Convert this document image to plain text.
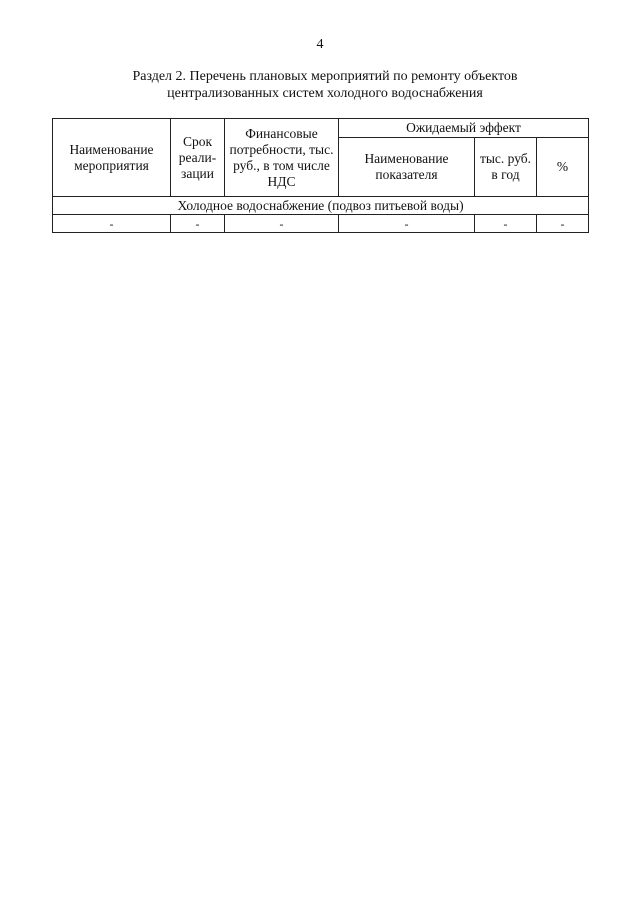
4
Раздел 2. Перечень плановых мероприятий по ремонту объектов
централизованных систем холодного водоснабжения
Наименование мероприятия	Срок реали-зации	Финансовые потребности, тыс. руб., в том числе НДС	Ожидаемый эффект		
			Наименование показателя	тыс. руб. в год	%
Холодное водоснабжение (подвоз питьевой воды)					
-	-	-	-	-	-
